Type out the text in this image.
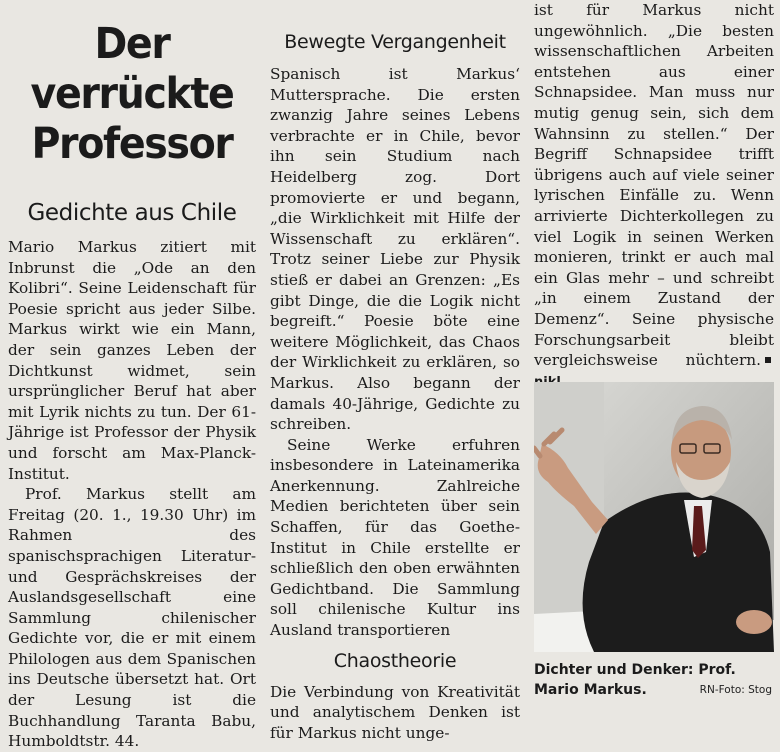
Der
verrückte
Professor
Gedichte aus Chile

Mario Markus zitiert mit Inbrunst die „Ode an den Kolibri“. Seine Leidenschaft für Poesie spricht aus jeder Silbe. Markus wirkt wie ein Mann, der sein ganzes Leben der Dichtkunst widmet, sein ursprünglicher Beruf hat aber mit Lyrik nichts zu tun. Der 61-Jährige ist Professor der Physik und forscht am Max-Planck-Institut.

Prof. Markus stellt am Freitag (20. 1., 19.30 Uhr) im Rahmen des spanischsprachigen Literatur- und Gesprächskreises der Auslandsgesellschaft eine Sammlung chilenischer Gedichte vor, die er mit einem Philologen aus dem Spanischen ins Deutsche übersetzt hat. Ort der Lesung ist die Buchhandlung Taranta Babu, Humboldtstr. 44.

Bewegte Vergangenheit

Spanisch ist Markus‘ Muttersprache. Die ersten zwanzig Jahre seines Lebens verbrachte er in Chile, bevor ihn sein Studium nach Heidelberg zog. Dort promovierte er und begann, „die Wirklichkeit mit Hilfe der Wissenschaft zu erklären“. Trotz seiner Liebe zur Physik stieß er dabei an Grenzen: „Es gibt Dinge, die die Logik nicht begreift.“ Poesie böte eine weitere Möglichkeit, das Chaos der Wirklichkeit zu erklären, so Markus. Also begann der damals 40-Jährige, Gedichte zu schreiben.

Seine Werke erfuhren insbesondere in Lateinamerika Anerkennung. Zahlreiche Medien berichteten über sein Schaffen, für das Goethe-Institut in Chile erstellte er schließlich den oben erwähnten Gedichtband. Die Sammlung soll chilenische Kultur ins Ausland transportieren

Chaostheorie

Die Verbindung von Kreativität und analytischem Denken ist für Markus nicht unge-

ist für Markus nicht ungewöhnlich. „Die besten wissenschaftlichen Arbeiten entstehen aus einer Schnapsidee. Man muss nur mutig genug sein, sich dem Wahnsinn zu stellen.“ Der Begriff Schnapsidee trifft übrigens auch auf viele seiner lyrischen Einfälle zu. Wenn arrivierte Dichterkollegen zu viel Logik in seinen Werken monieren, trinkt er auch mal ein Glas mehr – und schreibt „in einem Zustand der Demenz“. Seine physische Forschungsarbeit bleibt vergleichsweise nüchtern.

Dichter und Denker: Prof. Mario Markus.	RN-Foto: Stog
